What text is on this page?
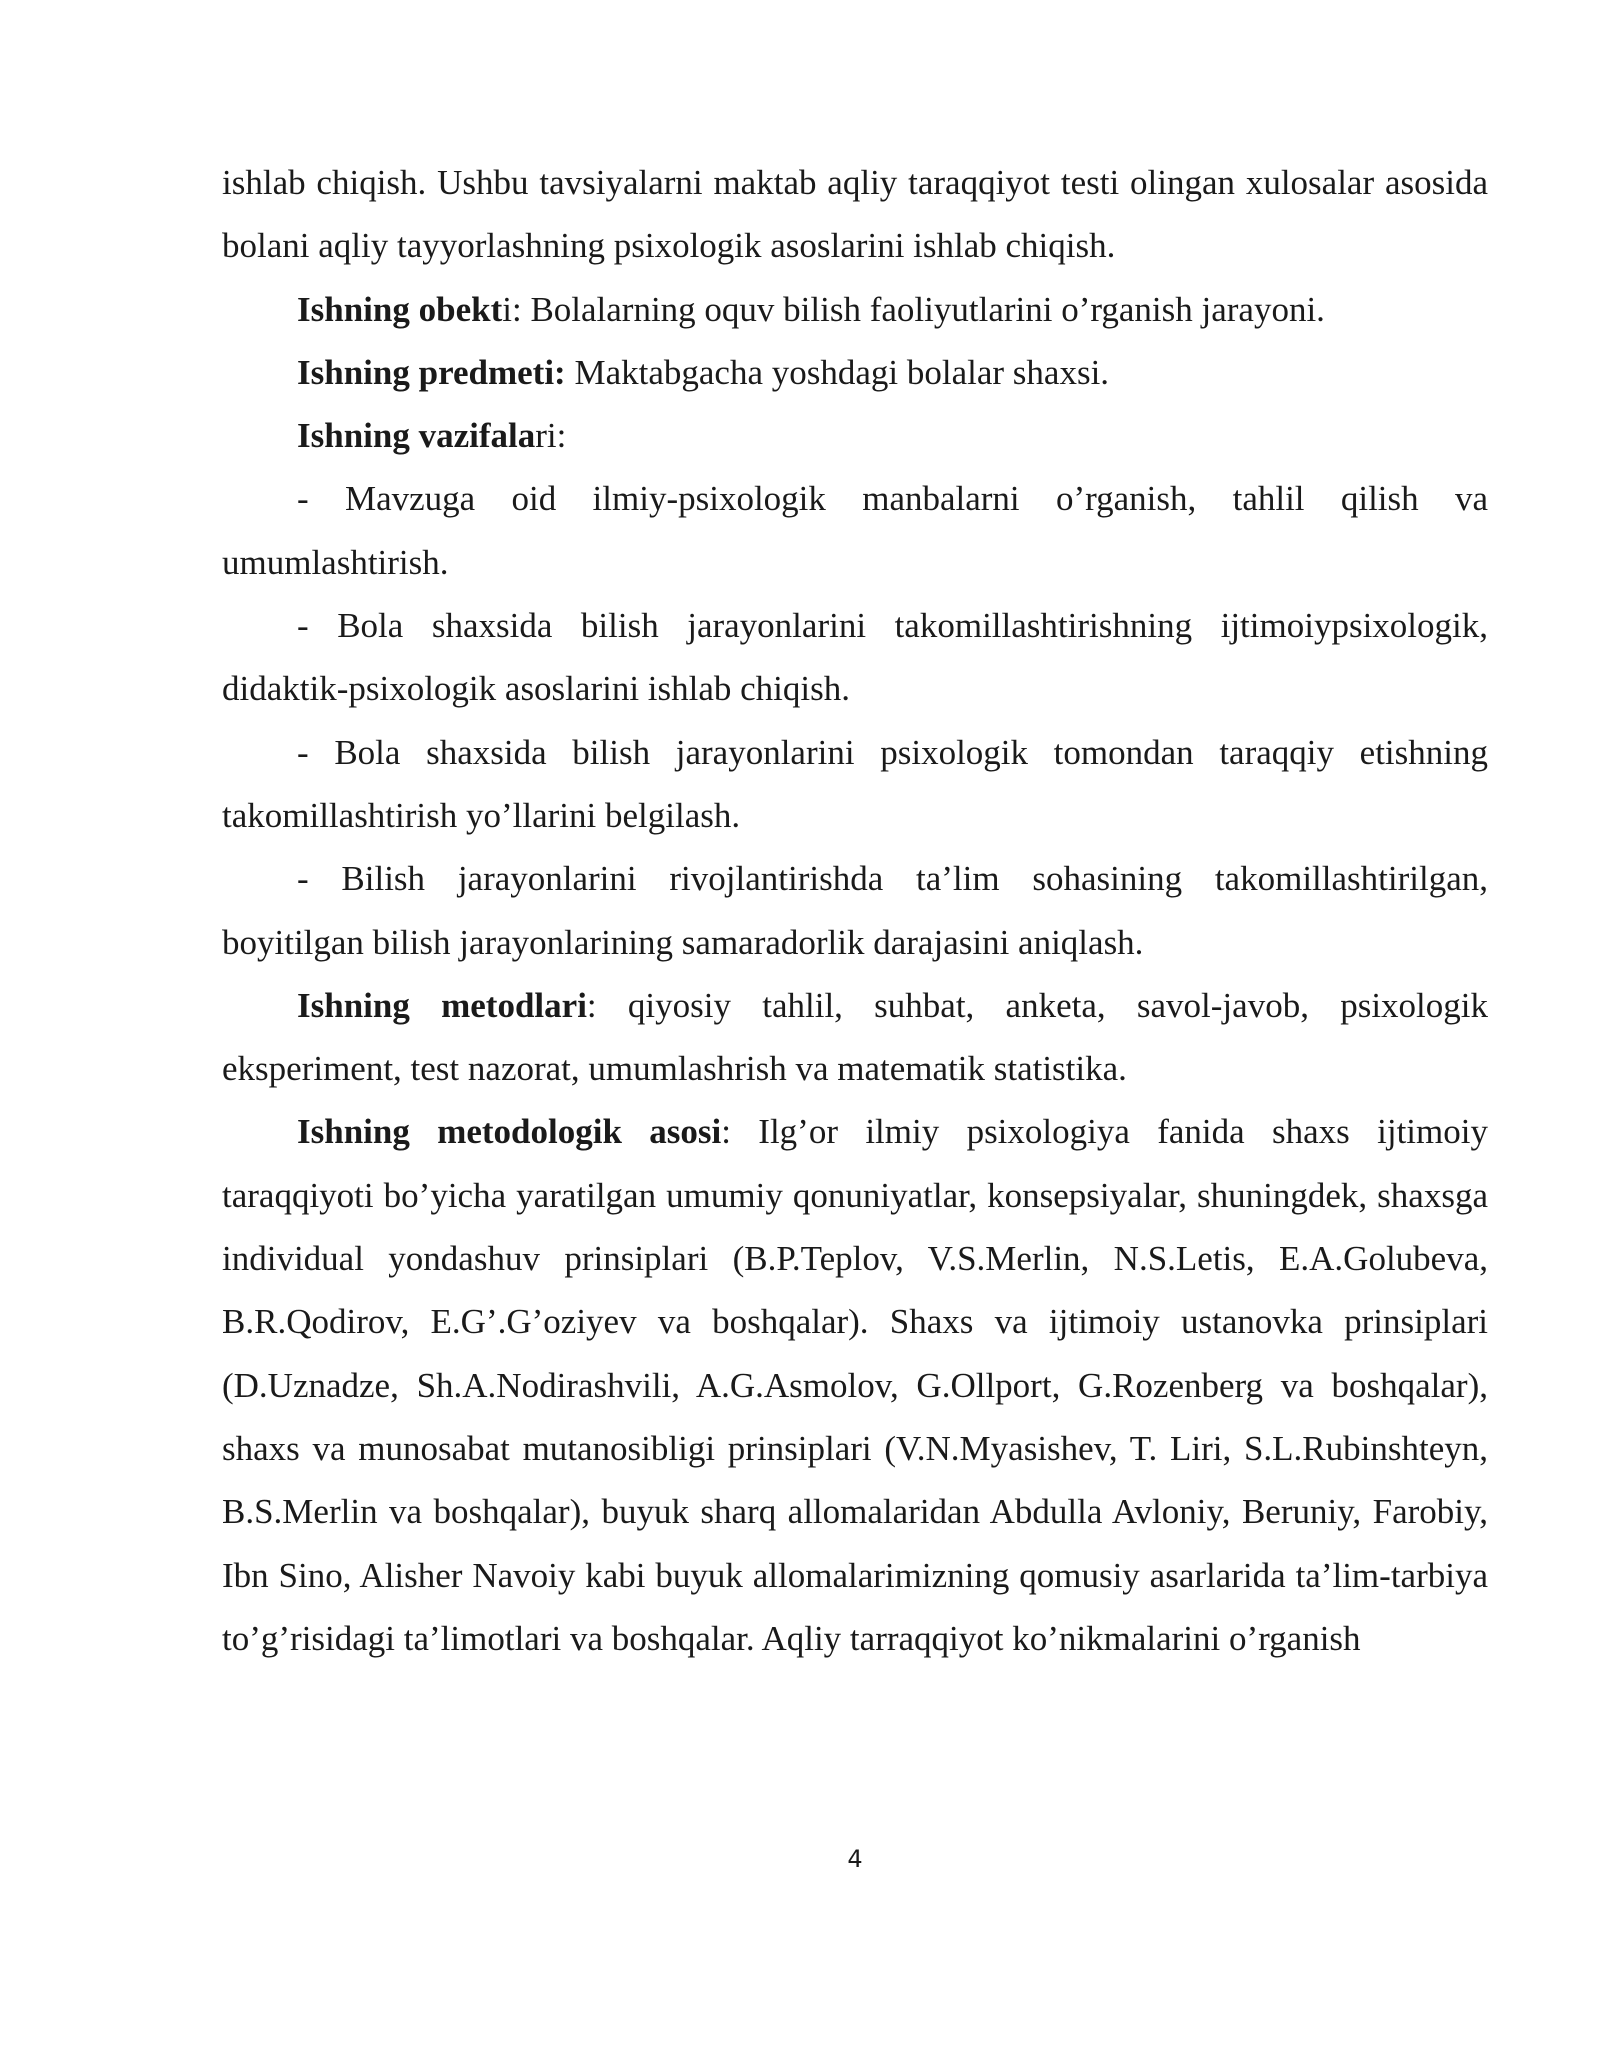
ishlab chiqish. Ushbu tavsiyalarni maktab aqliy taraqqiyot testi olingan xulosalar asosida bolani aqliy tayyorlashning psixologik asoslarini ishlab chiqish.

Ishning obekti: Bolalarning oquv bilish faoliyutlarini o’rganish jarayoni.

Ishning predmeti: Maktabgacha yoshdagi bolalar shaxsi.

Ishning vazifalari:

- Mavzuga oid ilmiy-psixologik manbalarni o’rganish, tahlil qilish va umumlashtirish.

- Bola shaxsida bilish jarayonlarini takomillashtirishning ijtimoiypsixologik, didaktik-psixologik asoslarini ishlab chiqish.

- Bola shaxsida bilish jarayonlarini psixologik tomondan taraqqiy etishning takomillashtirish yo’llarini belgilash.

- Bilish jarayonlarini rivojlantirishda ta’lim sohasining takomillashtirilgan, boyitilgan bilish jarayonlarining samaradorlik darajasini aniqlash.

Ishning metodlari: qiyosiy tahlil, suhbat, anketa, savol-javob, psixologik eksperiment, test nazorat, umumlashrish va matematik statistika.

Ishning metodologik asosi: Ilg’or ilmiy psixologiya fanida shaxs ijtimoiy taraqqiyoti bo’yicha yaratilgan umumiy qonuniyatlar, konsepsiyalar, shuningdek, shaxsga individual yondashuv prinsiplari (B.P.Teplov, V.S.Merlin, N.S.Letis, E.A.Golubeva, B.R.Qodirov, E.G’.G’oziyev va boshqalar). Shaxs va ijtimoiy ustanovka prinsiplari (D.Uznadze, Sh.A.Nodirashvili, A.G.Asmolov, G.Ollport, G.Rozenberg va boshqalar), shaxs va munosabat mutanosibligi prinsiplari (V.N.Myasishev, T. Liri, S.L.Rubinshteyn, B.S.Merlin va boshqalar), buyuk sharq allomalaridan Abdulla Avloniy, Beruniy, Farobiy, Ibn Sino, Alisher Navoiy kabi buyuk allomalarimizning qomusiy asarlarida ta’lim-tarbiya to’g’risidagi ta’limotlari va boshqalar. Aqliy tarraqqiyot ko’nikmalarini o’rganish

4
